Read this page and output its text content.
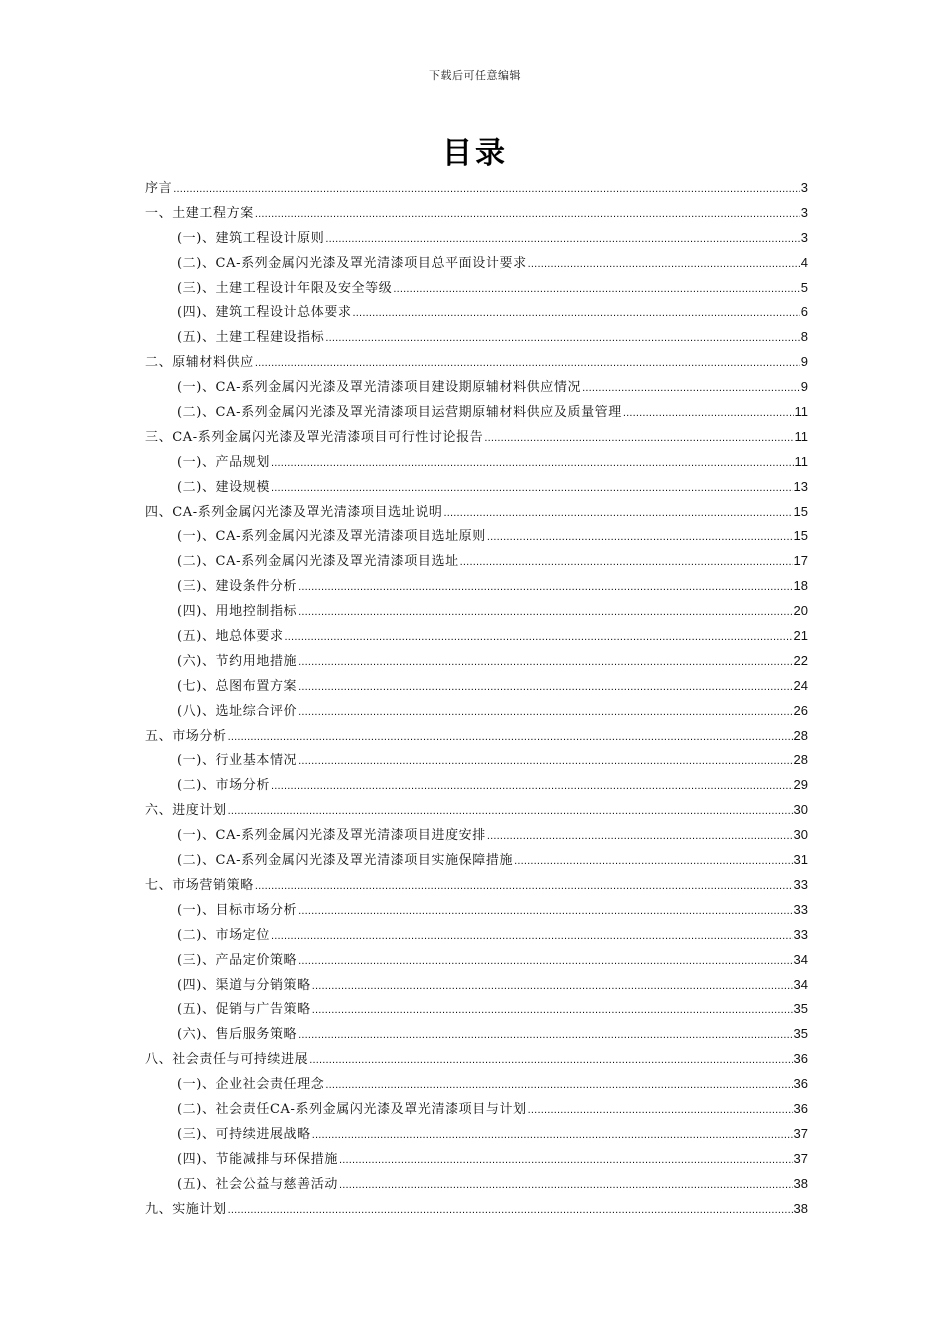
下载后可任意编辑
目录
序言 .....	3
一、土建工程方案 .....	3
(一)、建筑工程设计原则 .....	3
(二)、CA-系列金属闪光漆及罩光清漆项目总平面设计要求 .....	4
(三)、土建工程设计年限及安全等级 .....	5
(四)、建筑工程设计总体要求 .....	6
(五)、土建工程建设指标 .....	8
二、原辅材料供应 .....	9
(一)、CA-系列金属闪光漆及罩光清漆项目建设期原辅材料供应情况 .....	9
(二)、CA-系列金属闪光漆及罩光清漆项目运营期原辅材料供应及质量管理 .....	11
三、CA-系列金属闪光漆及罩光清漆项目可行性讨论报告 .....	11
(一)、产品规划 .....	11
(二)、建设规模 .....	13
四、CA-系列金属闪光漆及罩光清漆项目选址说明 .....	15
(一)、CA-系列金属闪光漆及罩光清漆项目选址原则 .....	15
(二)、CA-系列金属闪光漆及罩光清漆项目选址 .....	17
(三)、建设条件分析 .....	18
(四)、用地控制指标 .....	20
(五)、地总体要求 .....	21
(六)、节约用地措施 .....	22
(七)、总图布置方案 .....	24
(八)、选址综合评价 .....	26
五、市场分析 .....	28
(一)、行业基本情况 .....	28
(二)、市场分析 .....	29
六、进度计划 .....	30
(一)、CA-系列金属闪光漆及罩光清漆项目进度安排 .....	30
(二)、CA-系列金属闪光漆及罩光清漆项目实施保障措施 .....	31
七、市场营销策略 .....	33
(一)、目标市场分析 .....	33
(二)、市场定位 .....	33
(三)、产品定价策略 .....	34
(四)、渠道与分销策略 .....	34
(五)、促销与广告策略 .....	35
(六)、售后服务策略 .....	35
八、社会责任与可持续进展 .....	36
(一)、企业社会责任理念 .....	36
(二)、社会责任CA-系列金属闪光漆及罩光清漆项目与计划 .....	36
(三)、可持续进展战略 .....	37
(四)、节能减排与环保措施 .....	37
(五)、社会公益与慈善活动 .....	38
九、实施计划 .....	38
